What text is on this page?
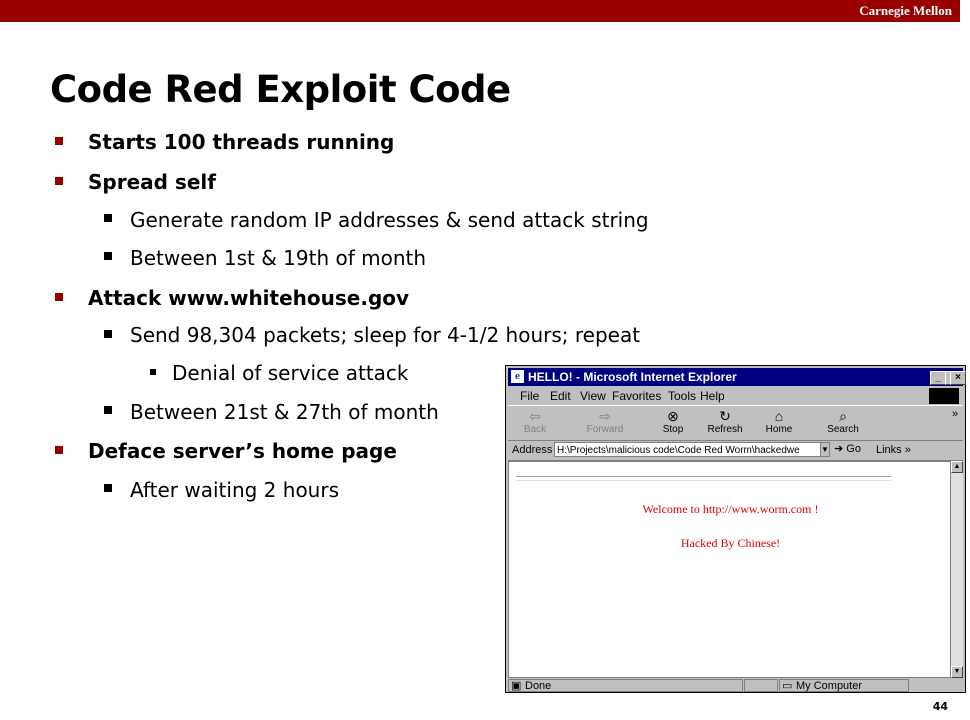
Carnegie Mellon
Code Red Exploit Code
Starts 100 threads running
Spread self
Generate random IP addresses & send attack string
Between 1st & 19th of month
Attack www.whitehouse.gov
Send 98,304 packets; sleep for 4-1/2 hours; repeat
Denial of service attack
Between 21st & 27th of month
Deface server’s home page
After waiting 2 hours
e HELLO! - Microsoft Internet Explorer	_	×
File Edit View Favorites Tools Help
⇦
Back
⇨
Forward
⊗
Stop
↻
Refresh
⌂
Home
⌕
Search
»
Address H:\Projects\malicious code\Code Red Worm\hackedwe	▼ ➜ Go	Links »
Welcome to http://www.worm.com !
Hacked By Chinese!
▲
▼
▣ Done	▭ My Computer
44
